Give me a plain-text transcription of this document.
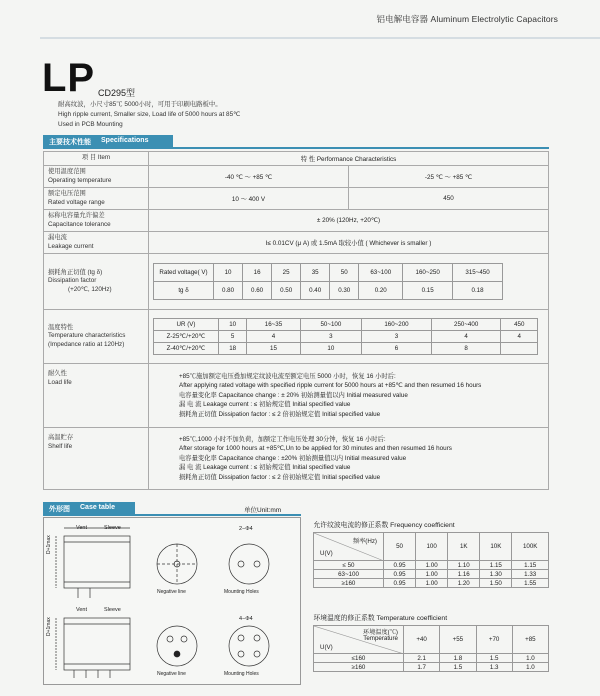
铝电解电容器 Aluminum Electrolytic Capacitors
LP CD295型
耐高纹波，小尺寸85℃ 5000小时，可用于印刷电路板中。
High ripple current, Smaller size, Load life of 5000 hours at 85℃
Used in PCB Mounting
主要技术性能 Specifications
项 目 Item	特 性 Performance Characteristics

使用温度范围
Operating temperature	-40 ℃ ～ +85 ℃	-25 ℃ ～ +85 ℃

额定电压范围
Rated voltage range	10 ～ 400 V	450

标称电容量允许偏差
Capacitance tolerance	± 20% (120Hz, +20℃)

漏电流
Leakage current	I≤ 0.01CV (μ A) 或 1.5mA 取较小值 ( Whichever is smaller )

损耗角正切值 (tg δ)
Dissipation factor
(+20℃, 120Hz)

Rated voltage( V)	10	16	25	35	50	63~100	160~250	315~450
tg δ	0.80	0.60	0.50	0.40	0.30	0.20	0.15	0.18

温度特性
Temperature characteristics
(Impedance ratio at 120Hz)

UR (V)	10	16~35	50~100	160~200	250~400	450
Z-25℃/+20℃	5	4	3	3	4	4
Z-40℃/+20℃	18	15	10	6	8	

耐久性
Load life

+85℃施加额定电压叠加规定纹波电流至额定电压 5000 小时，恢复 16 小时后:
After applying rated voltage with specified ripple current for 5000 hours at +85℃ and then resumed 16 hours
电容量变化率 Capacitance change : ± 20% 初始测量值以内 Initial measured value
漏 电 流 Leakage current : ≤ 初始规定值 Initial specified value
损耗角正切值 Dissipation factor : ≤ 2 倍初始规定值 Initial specified value

高温贮存
Shelf life

+85℃,1000 小时不加负荷，加额定工作电压处理 30分钟，恢复 16 小时后:
After storage for 1000 hours at +85℃,Un to be applied for 30 minutes and then resumed 16 hours
电容量变化率 Capacitance change : ±20% 初始测量值以内 Initial measured value
漏 电 流 Leakage current : ≤ 初始规定值 Initial specified value
损耗角正切值 Dissipation factor : ≤ 2 倍初始规定值 Initial specified value
外形图 Case table	单位Unit:mm
Vent	Sleeve
D+1max
Negative line
2−Φ4
Mounting Holes
Vent	Sleeve
D+1max
Negative line
4−Φ4
Mounting Holes
允许纹波电流的修正系数 Frequency coefficient					

频率(Hz)
U(V)	50	100	1K	10K	100K
≤ 50	0.95	1.00	1.10	1.15	1.15
63~100	0.95	1.00	1.16	1.30	1.33
≥160	0.95	1.00	1.20	1.50	1.55
环境温度的修正系数 Temperature coefficient				

环境温度(℃)
Temperature
U(V)	+40	+55	+70	+85
≤160	2.1	1.8	1.5	1.0
≥160	1.7	1.5	1.3	1.0
